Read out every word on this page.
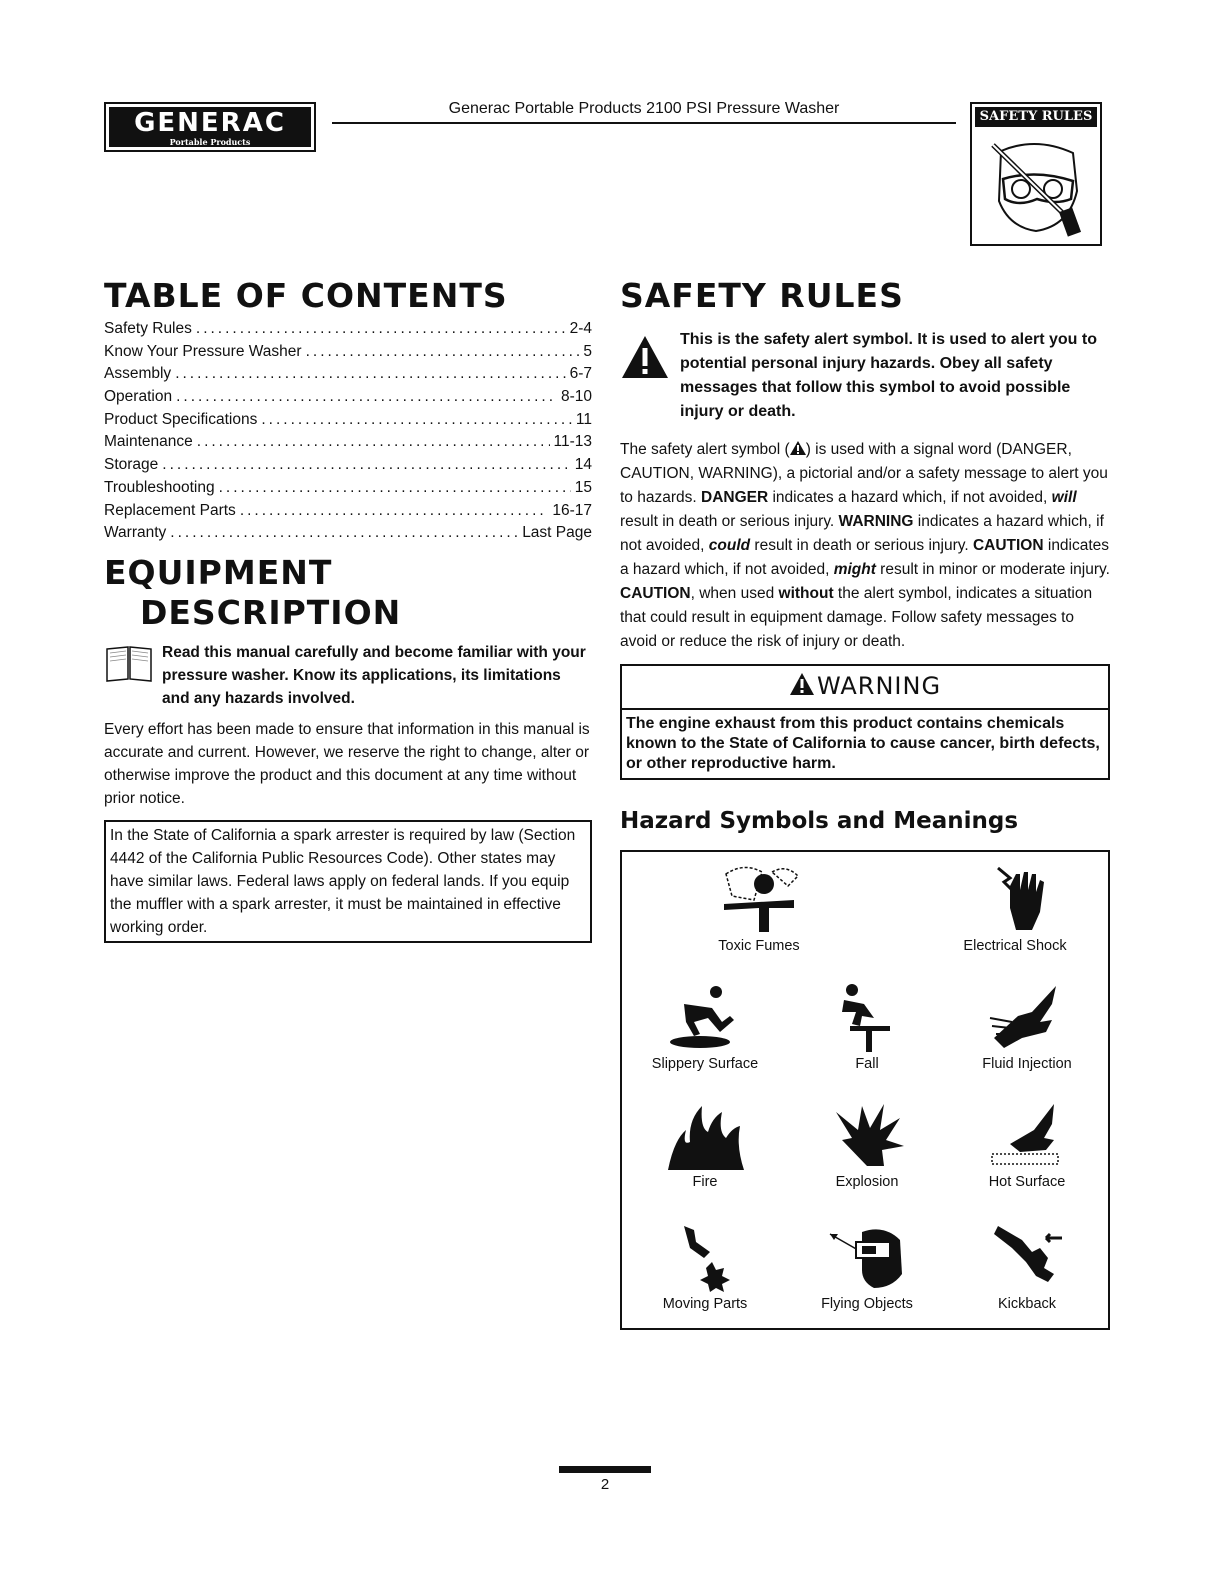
GENERAC
Portable Products
Generac Portable Products 2100 PSI Pressure Washer	SAFETY RULES
TABLE OF CONTENTS
Safety Rules .....	2-4
Know Your Pressure Washer .....	5
Assembly .....	6-7
Operation .....	8-10
Product Specifications .....	11
Maintenance .....	11-13
Storage .....	14
Troubleshooting .....	15
Replacement Parts .....	16-17
Warranty .....	Last Page
EQUIPMENT
DESCRIPTION
Read this manual carefully and become familiar with your pressure washer. Know its applications, its limitations and any hazards involved.
Every effort has been made to ensure that information in this manual is accurate and current. However, we reserve the right to change, alter or otherwise improve the product and this document at any time without prior notice.
In the State of California a spark arrester is required by law (Section 4442 of the California Public Resources Code). Other states may have similar laws. Federal laws apply on federal lands. If you equip the muffler with a spark arrester, it must be maintained in effective working order.
SAFETY RULES
This is the safety alert symbol. It is used to alert you to potential personal injury hazards. Obey all safety messages that follow this symbol to avoid possible injury or death.
The safety alert symbol ( ) is used with a signal word (DANGER, CAUTION, WARNING), a pictorial and/or a safety message to alert you to hazards. DANGER indicates a hazard which, if not avoided, will result in death or serious injury. WARNING indicates a hazard which, if not avoided, could result in death or serious injury. CAUTION indicates a hazard which, if not avoided, might result in minor or moderate injury. CAUTION, when used without the alert symbol, indicates a situation that could result in equipment damage. Follow safety messages to avoid or reduce the risk of injury or death.
WARNING
The engine exhaust from this product contains chemicals known to the State of California to cause cancer, birth defects, or other reproductive harm.
Hazard Symbols and Meanings
Toxic Fumes	Electrical Shock
Slippery Surface	Fall	Fluid Injection
Fire	Explosion	Hot Surface
Moving Parts	Flying Objects	Kickback
2
